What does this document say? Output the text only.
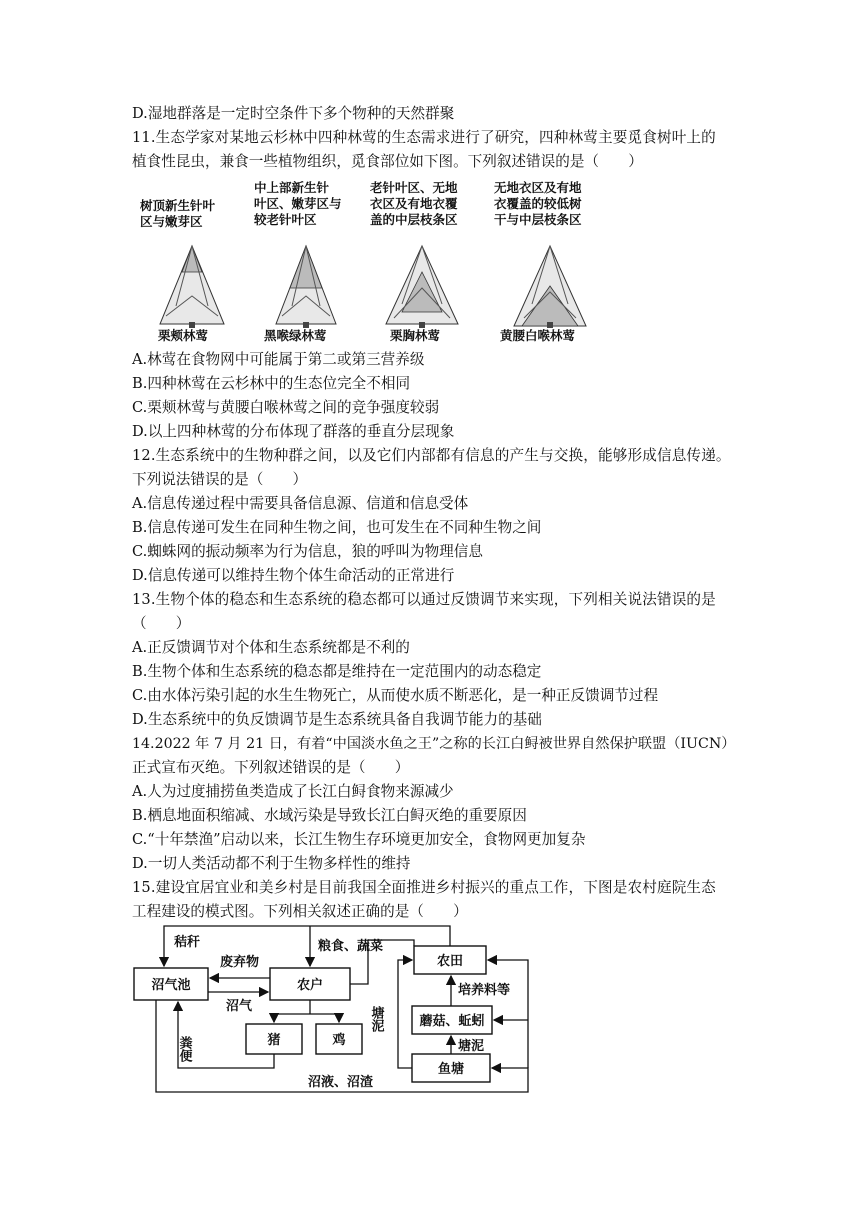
D.湿地群落是一定时空条件下多个物种的天然群聚
11.生态学家对某地云杉林中四种林莺的生态需求进行了研究，四种林莺主要觅食树叶上的
植食性昆虫，兼食一些植物组织，觅食部位如下图。下列叙述错误的是（　　）
树顶新生针叶
区与嫩芽区
栗颊林莺
中上部新生针
叶区、嫩芽区与
较老针叶区
黑喉绿林莺
老针叶区、无地
衣区及有地衣覆
盖的中层枝条区
栗胸林莺
无地衣区及有地
衣覆盖的较低树
干与中层枝条区
黄腰白喉林莺
A.林莺在食物网中可能属于第二或第三营养级
B.四种林莺在云杉林中的生态位完全不相同
C.栗颊林莺与黄腰白喉林莺之间的竞争强度较弱
D.以上四种林莺的分布体现了群落的垂直分层现象
12.生态系统中的生物种群之间，以及它们内部都有信息的产生与交换，能够形成信息传递。
下列说法错误的是（　　）
A.信息传递过程中需要具备信息源、信道和信息受体
B.信息传递可发生在同种生物之间，也可发生在不同种生物之间
C.蜘蛛网的振动频率为行为信息，狼的呼叫为物理信息
D.信息传递可以维持生物个体生命活动的正常进行
13.生物个体的稳态和生态系统的稳态都可以通过反馈调节来实现，下列相关说法错误的是
（　　）
A.正反馈调节对个体和生态系统都是不利的
B.生物个体和生态系统的稳态都是维持在一定范围内的动态稳定
C.由水体污染引起的水生生物死亡，从而使水质不断恶化，是一种正反馈调节过程
D.生态系统中的负反馈调节是生态系统具备自我调节能力的基础
14.2022 年 7 月 21 日，有着“中国淡水鱼之王”之称的长江白鲟被世界自然保护联盟（IUCN）
正式宣布灭绝。下列叙述错误的是（　　）
A.人为过度捕捞鱼类造成了长江白鲟食物来源减少
B.栖息地面积缩减、水域污染是导致长江白鲟灭绝的重要原因
C.“十年禁渔”启动以来，长江生物生存环境更加安全，食物网更加复杂
D.一切人类活动都不利于生物多样性的维持
15.建设宜居宜业和美乡村是目前我国全面推进乡村振兴的重点工作，下图是农村庭院生态
工程建设的模式图。下列相关叙述正确的是（　　）
沼气池	农户
猪	鸡
农田
蘑菇、蚯蚓
鱼塘
秸秆	粮食、蔬菜
废弃物
沼气
粪便
沼液、沼渣
塘泥
培养料等
塘泥
